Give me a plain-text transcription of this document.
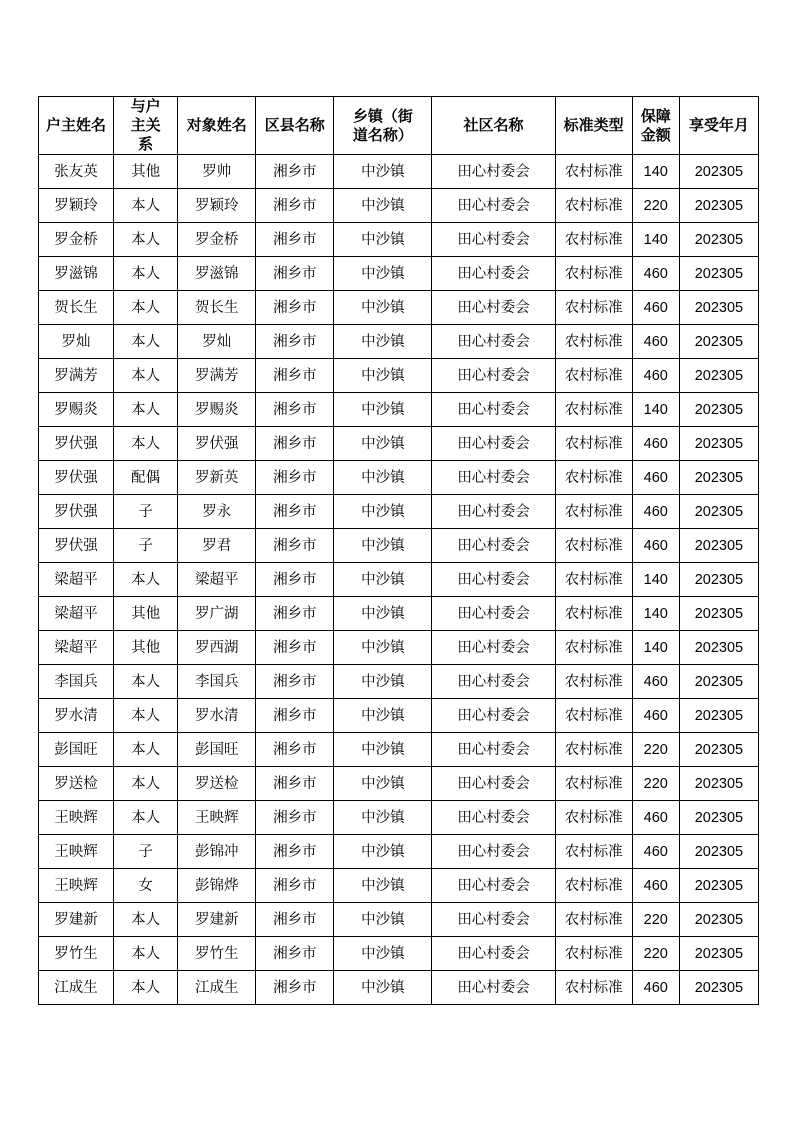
户主姓名	与户主关系	对象姓名	区县名称	乡镇（街道名称）	社区名称	标准类型	保障金额	享受年月
张友英	其他	罗帅	湘乡市	中沙镇	田心村委会	农村标准	140	202305
罗颖玲	本人	罗颖玲	湘乡市	中沙镇	田心村委会	农村标准	220	202305
罗金桥	本人	罗金桥	湘乡市	中沙镇	田心村委会	农村标准	140	202305
罗滋锦	本人	罗滋锦	湘乡市	中沙镇	田心村委会	农村标准	460	202305
贺长生	本人	贺长生	湘乡市	中沙镇	田心村委会	农村标准	460	202305
罗灿	本人	罗灿	湘乡市	中沙镇	田心村委会	农村标准	460	202305
罗满芳	本人	罗满芳	湘乡市	中沙镇	田心村委会	农村标准	460	202305
罗赐炎	本人	罗赐炎	湘乡市	中沙镇	田心村委会	农村标准	140	202305
罗伏强	本人	罗伏强	湘乡市	中沙镇	田心村委会	农村标准	460	202305
罗伏强	配偶	罗新英	湘乡市	中沙镇	田心村委会	农村标准	460	202305
罗伏强	子	罗永	湘乡市	中沙镇	田心村委会	农村标准	460	202305
罗伏强	子	罗君	湘乡市	中沙镇	田心村委会	农村标准	460	202305
梁超平	本人	梁超平	湘乡市	中沙镇	田心村委会	农村标准	140	202305
梁超平	其他	罗广湖	湘乡市	中沙镇	田心村委会	农村标准	140	202305
梁超平	其他	罗西湖	湘乡市	中沙镇	田心村委会	农村标准	140	202305
李国兵	本人	李国兵	湘乡市	中沙镇	田心村委会	农村标准	460	202305
罗水清	本人	罗水清	湘乡市	中沙镇	田心村委会	农村标准	460	202305
彭国旺	本人	彭国旺	湘乡市	中沙镇	田心村委会	农村标准	220	202305
罗送检	本人	罗送检	湘乡市	中沙镇	田心村委会	农村标准	220	202305
王映辉	本人	王映辉	湘乡市	中沙镇	田心村委会	农村标准	460	202305
王映辉	子	彭锦冲	湘乡市	中沙镇	田心村委会	农村标准	460	202305
王映辉	女	彭锦烨	湘乡市	中沙镇	田心村委会	农村标准	460	202305
罗建新	本人	罗建新	湘乡市	中沙镇	田心村委会	农村标准	220	202305
罗竹生	本人	罗竹生	湘乡市	中沙镇	田心村委会	农村标准	220	202305
江成生	本人	江成生	湘乡市	中沙镇	田心村委会	农村标准	460	202305
